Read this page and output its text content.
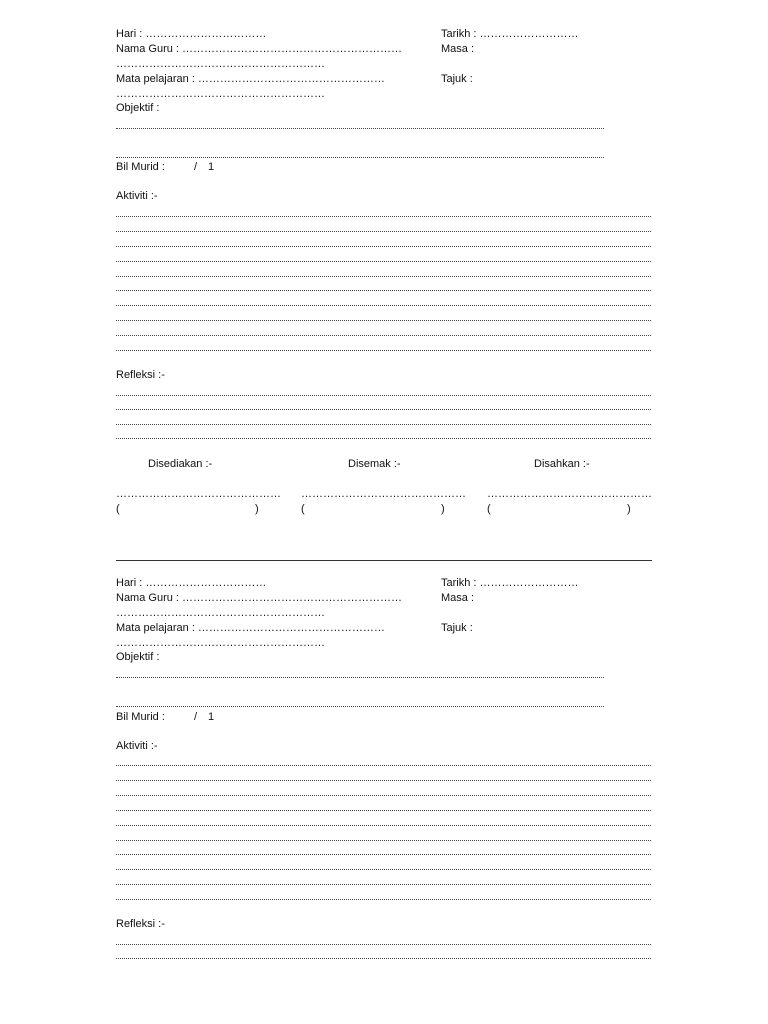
Hari : ……………………………	Tarikh : ………………………
Nama Guru : ……………………………………………………	Masa :
…………………………………………………
Mata pelajaran : ……………………………………………	Tajuk :
…………………………………………………
Objektif :
Bil Murid :	/ 1
Aktiviti :-
Refleksi :-
Disediakan :-	Disemak :-	Disahkan :-
……………………………………… ……………………………………… ………………………………………
(	)	(	)	(	)
Hari : ……………………………	Tarikh : ………………………
Nama Guru : ……………………………………………………	Masa :
…………………………………………………
Mata pelajaran : ……………………………………………	Tajuk :
…………………………………………………
Objektif :
Bil Murid :	/ 1
Aktiviti :-
Refleksi :-
